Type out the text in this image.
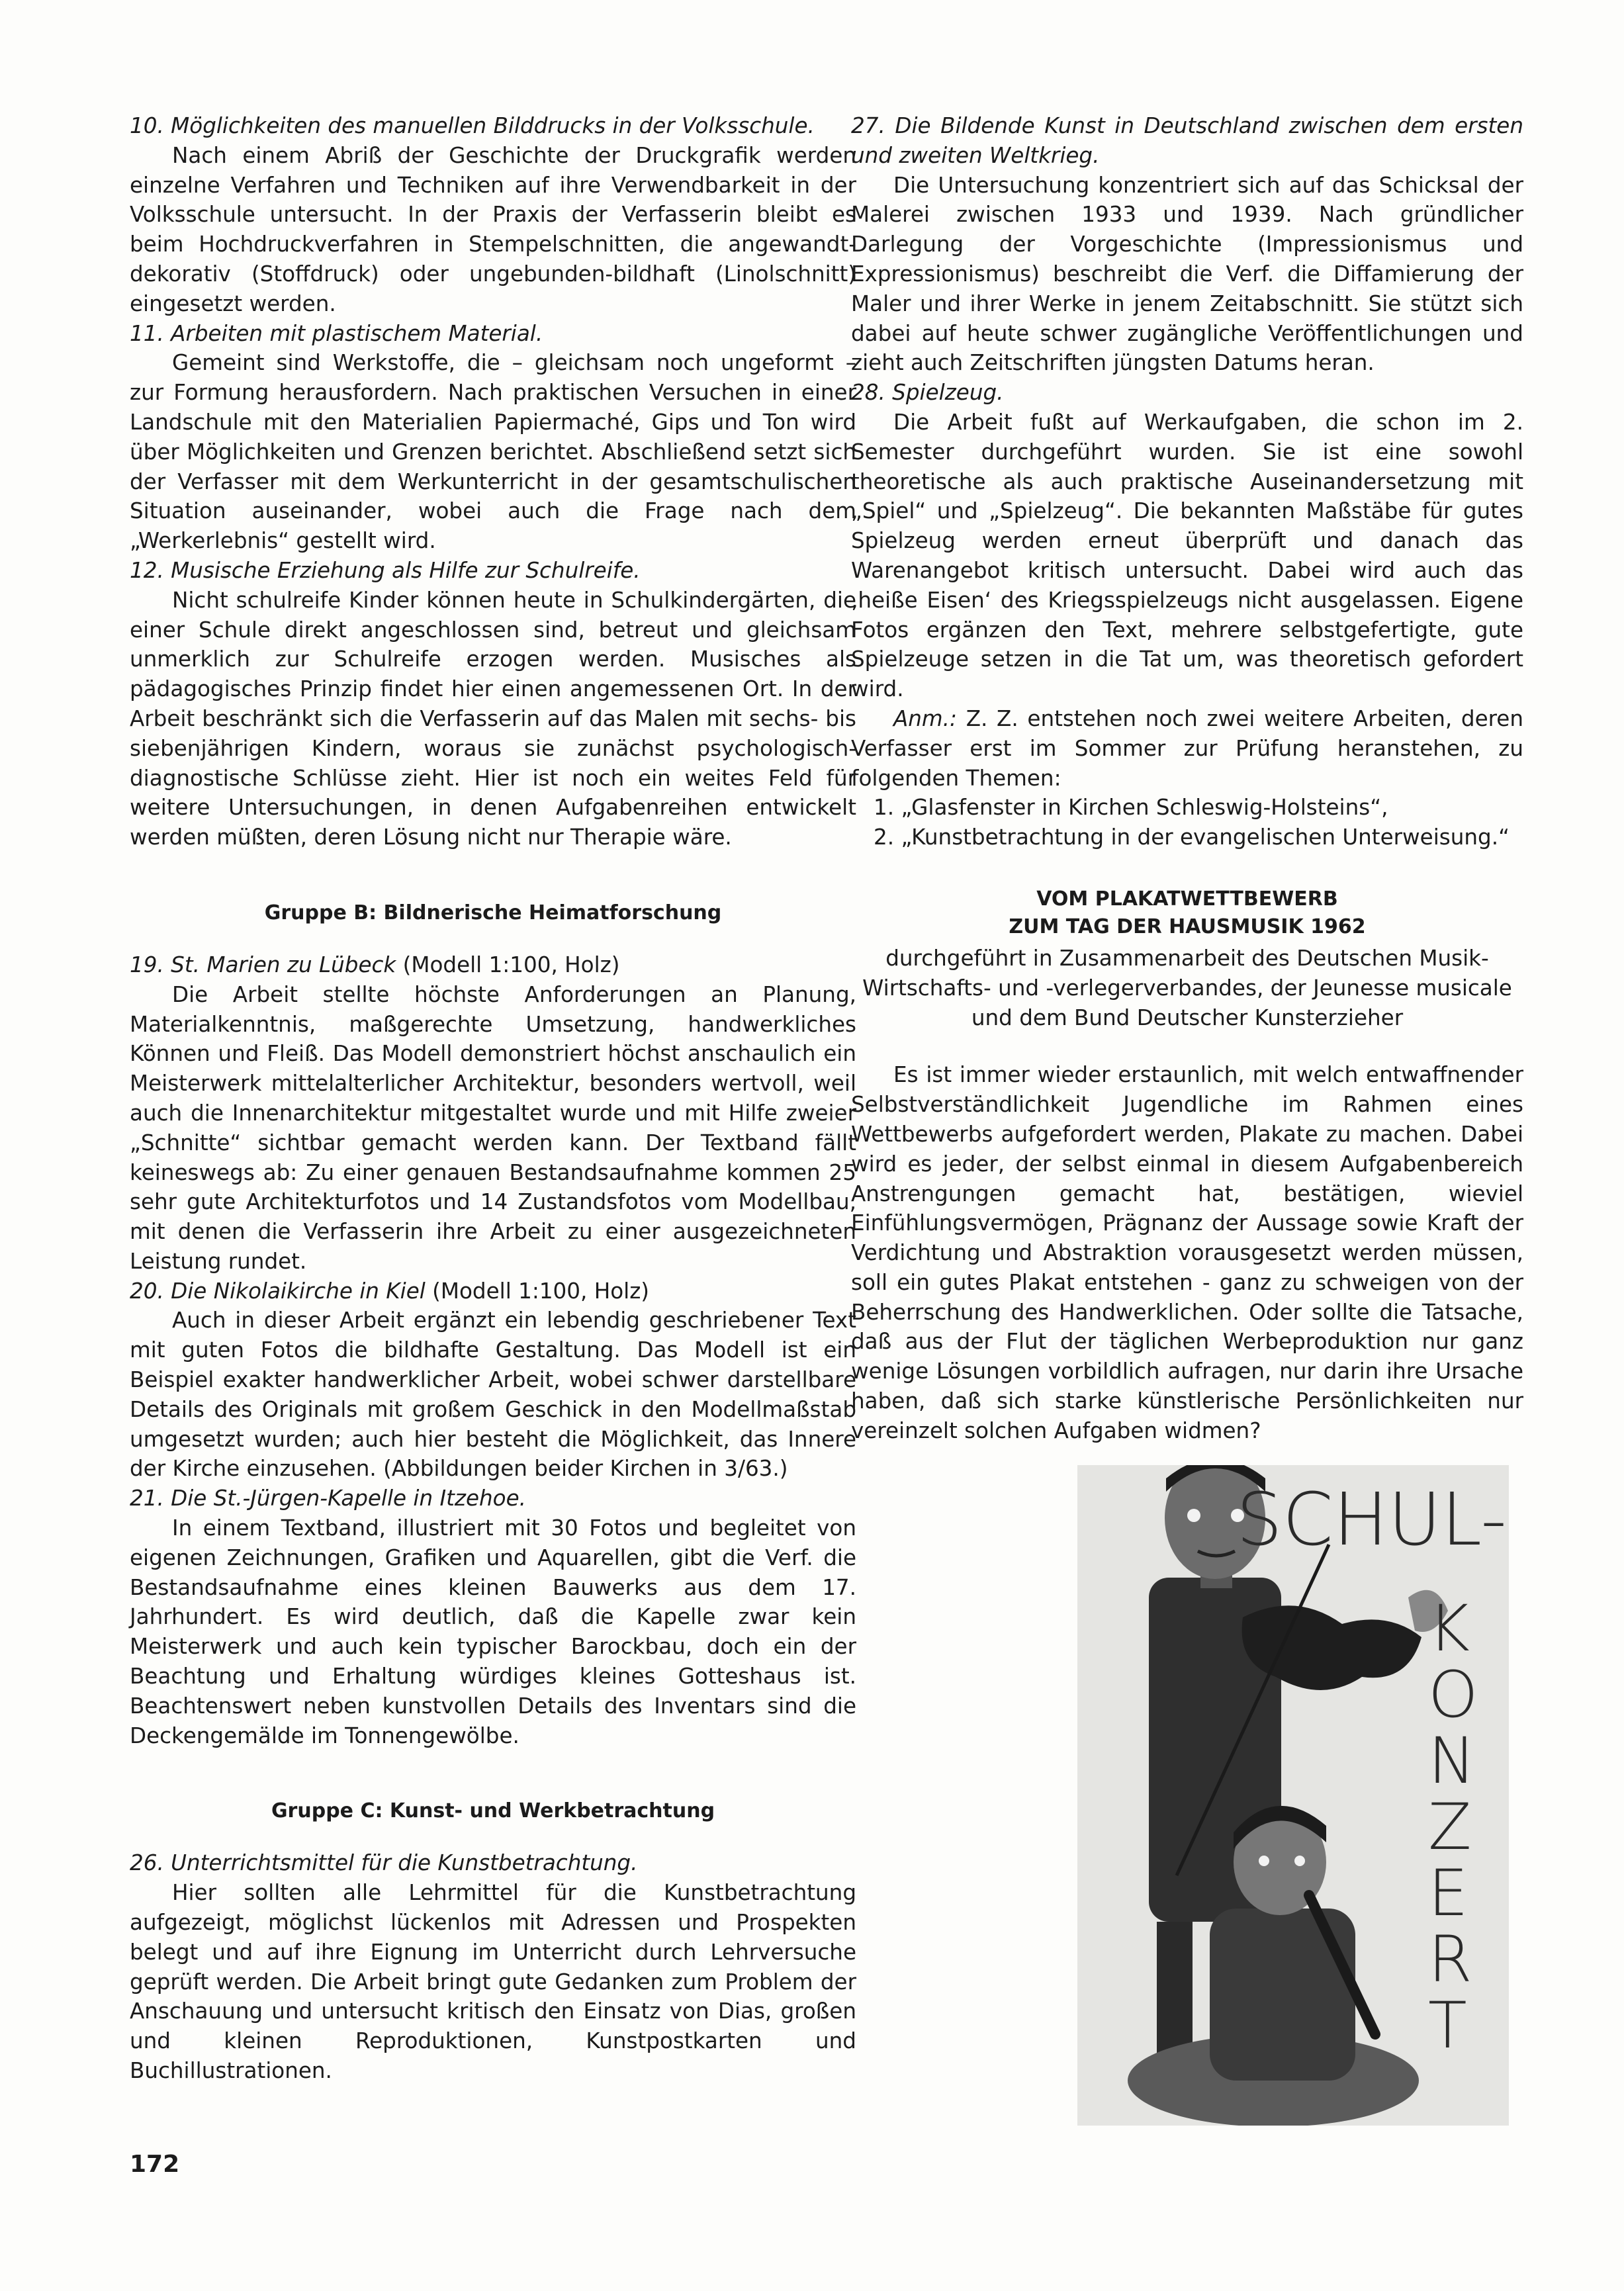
10. Möglichkeiten des manuellen Bilddrucks in der Volksschule.

Nach einem Abriß der Geschichte der Druckgrafik werden einzelne Verfahren und Techniken auf ihre Verwendbarkeit in der Volksschule untersucht. In der Praxis der Verfasserin bleibt es beim Hochdruckverfahren in Stempelschnitten, die angewandt-dekorativ (Stoffdruck) oder ungebunden-bildhaft (Linolschnitt) eingesetzt werden.

11. Arbeiten mit plastischem Material.

Gemeint sind Werkstoffe, die – gleichsam noch ungeformt – zur Formung herausfordern. Nach praktischen Versuchen in einer Landschule mit den Materialien Papiermaché, Gips und Ton wird über Möglichkeiten und Grenzen berichtet. Abschließend setzt sich der Verfasser mit dem Werkunterricht in der gesamtschulischen Situation auseinander, wobei auch die Frage nach dem „Werkerlebnis“ gestellt wird.

12. Musische Erziehung als Hilfe zur Schulreife.

Nicht schulreife Kinder können heute in Schulkindergärten, die einer Schule direkt angeschlossen sind, betreut und gleichsam unmerklich zur Schulreife erzogen werden. Musisches als pädagogisches Prinzip findet hier einen angemessenen Ort. In der Arbeit beschränkt sich die Verfasserin auf das Malen mit sechs- bis siebenjährigen Kindern, woraus sie zunächst psychologisch-diagnostische Schlüsse zieht. Hier ist noch ein weites Feld für weitere Untersuchungen, in denen Aufgabenreihen entwickelt werden müßten, deren Lösung nicht nur Therapie wäre.

Gruppe B: Bildnerische Heimatforschung

19. St. Marien zu Lübeck (Modell 1:100, Holz)

Die Arbeit stellte höchste Anforderungen an Planung, Materialkenntnis, maßgerechte Umsetzung, handwerkliches Können und Fleiß. Das Modell demonstriert höchst anschaulich ein Meisterwerk mittelalterlicher Architektur, besonders wertvoll, weil auch die Innenarchitektur mitgestaltet wurde und mit Hilfe zweier „Schnitte“ sichtbar gemacht werden kann. Der Textband fällt keineswegs ab: Zu einer genauen Bestandsaufnahme kommen 25 sehr gute Architekturfotos und 14 Zustandsfotos vom Modellbau, mit denen die Verfasserin ihre Arbeit zu einer ausgezeichneten Leistung rundet.

20. Die Nikolaikirche in Kiel (Modell 1:100, Holz)

Auch in dieser Arbeit ergänzt ein lebendig geschriebener Text mit guten Fotos die bildhafte Gestaltung. Das Modell ist ein Beispiel exakter handwerklicher Arbeit, wobei schwer darstellbare Details des Originals mit großem Geschick in den Modellmaßstab umgesetzt wurden; auch hier besteht die Möglichkeit, das Innere der Kirche einzusehen. (Abbildungen beider Kirchen in 3/63.)

21. Die St.-Jürgen-Kapelle in Itzehoe.

In einem Textband, illustriert mit 30 Fotos und begleitet von eigenen Zeichnungen, Grafiken und Aquarellen, gibt die Verf. die Bestandsaufnahme eines kleinen Bauwerks aus dem 17. Jahrhundert. Es wird deutlich, daß die Kapelle zwar kein Meisterwerk und auch kein typischer Barockbau, doch ein der Beachtung und Erhaltung würdiges kleines Gotteshaus ist. Beachtenswert neben kunstvollen Details des Inventars sind die Deckengemälde im Tonnengewölbe.

Gruppe C: Kunst- und Werkbetrachtung

26. Unterrichtsmittel für die Kunstbetrachtung.

Hier sollten alle Lehrmittel für die Kunstbetrachtung aufgezeigt, möglichst lückenlos mit Adressen und Prospekten belegt und auf ihre Eignung im Unterricht durch Lehrversuche geprüft werden. Die Arbeit bringt gute Gedanken zum Problem der Anschauung und untersucht kritisch den Einsatz von Dias, großen und kleinen Reproduktionen, Kunstpostkarten und Buchillustrationen.

27. Die Bildende Kunst in Deutschland zwischen dem ersten und zweiten Weltkrieg.

Die Untersuchung konzentriert sich auf das Schicksal der Malerei zwischen 1933 und 1939. Nach gründlicher Darlegung der Vorgeschichte (Impressionismus und Expressionismus) beschreibt die Verf. die Diffamierung der Maler und ihrer Werke in jenem Zeitabschnitt. Sie stützt sich dabei auf heute schwer zugängliche Veröffentlichungen und zieht auch Zeitschriften jüngsten Datums heran.

28. Spielzeug.

Die Arbeit fußt auf Werkaufgaben, die schon im 2. Semester durchgeführt wurden. Sie ist eine sowohl theoretische als auch praktische Auseinandersetzung mit „Spiel“ und „Spielzeug“. Die bekannten Maßstäbe für gutes Spielzeug werden erneut überprüft und danach das Warenangebot kritisch untersucht. Dabei wird auch das ‚heiße Eisen‘ des Kriegsspielzeugs nicht ausgelassen. Eigene Fotos ergänzen den Text, mehrere selbstgefertigte, gute Spielzeuge setzen in die Tat um, was theoretisch gefordert wird.

Anm.: Z. Z. entstehen noch zwei weitere Arbeiten, deren Verfasser erst im Sommer zur Prüfung heranstehen, zu folgenden Themen:

1. „Glasfenster in Kirchen Schleswig-Holsteins“,
2. „Kunstbetrachtung in der evangelischen Unterweisung.“
VOM PLAKATWETTBEWERB
ZUM TAG DER HAUSMUSIK 1962

durchgeführt in Zusammenarbeit des Deutschen Musik-Wirtschafts- und -verlegerverbandes, der Jeunesse musicale und dem Bund Deutscher Kunsterzieher

Es ist immer wieder erstaunlich, mit welch entwaffnender Selbstverständlichkeit Jugendliche im Rahmen eines Wettbewerbs aufgefordert werden, Plakate zu machen. Dabei wird es jeder, der selbst einmal in diesem Aufgabenbereich Anstrengungen gemacht hat, bestätigen, wieviel Einfühlungsvermögen, Prägnanz der Aussage sowie Kraft der Verdichtung und Abstraktion vorausgesetzt werden müssen, soll ein gutes Plakat entstehen - ganz zu schweigen von der Beherrschung des Handwerklichen. Oder sollte die Tatsache, daß aus der Flut der täglichen Werbeproduktion nur ganz wenige Lösungen vorbildlich aufragen, nur darin ihre Ursache haben, daß sich starke künstlerische Persönlichkeiten nur vereinzelt solchen Aufgaben widmen?

SCHUL-
K
O
N
Z
E
R
T
172
